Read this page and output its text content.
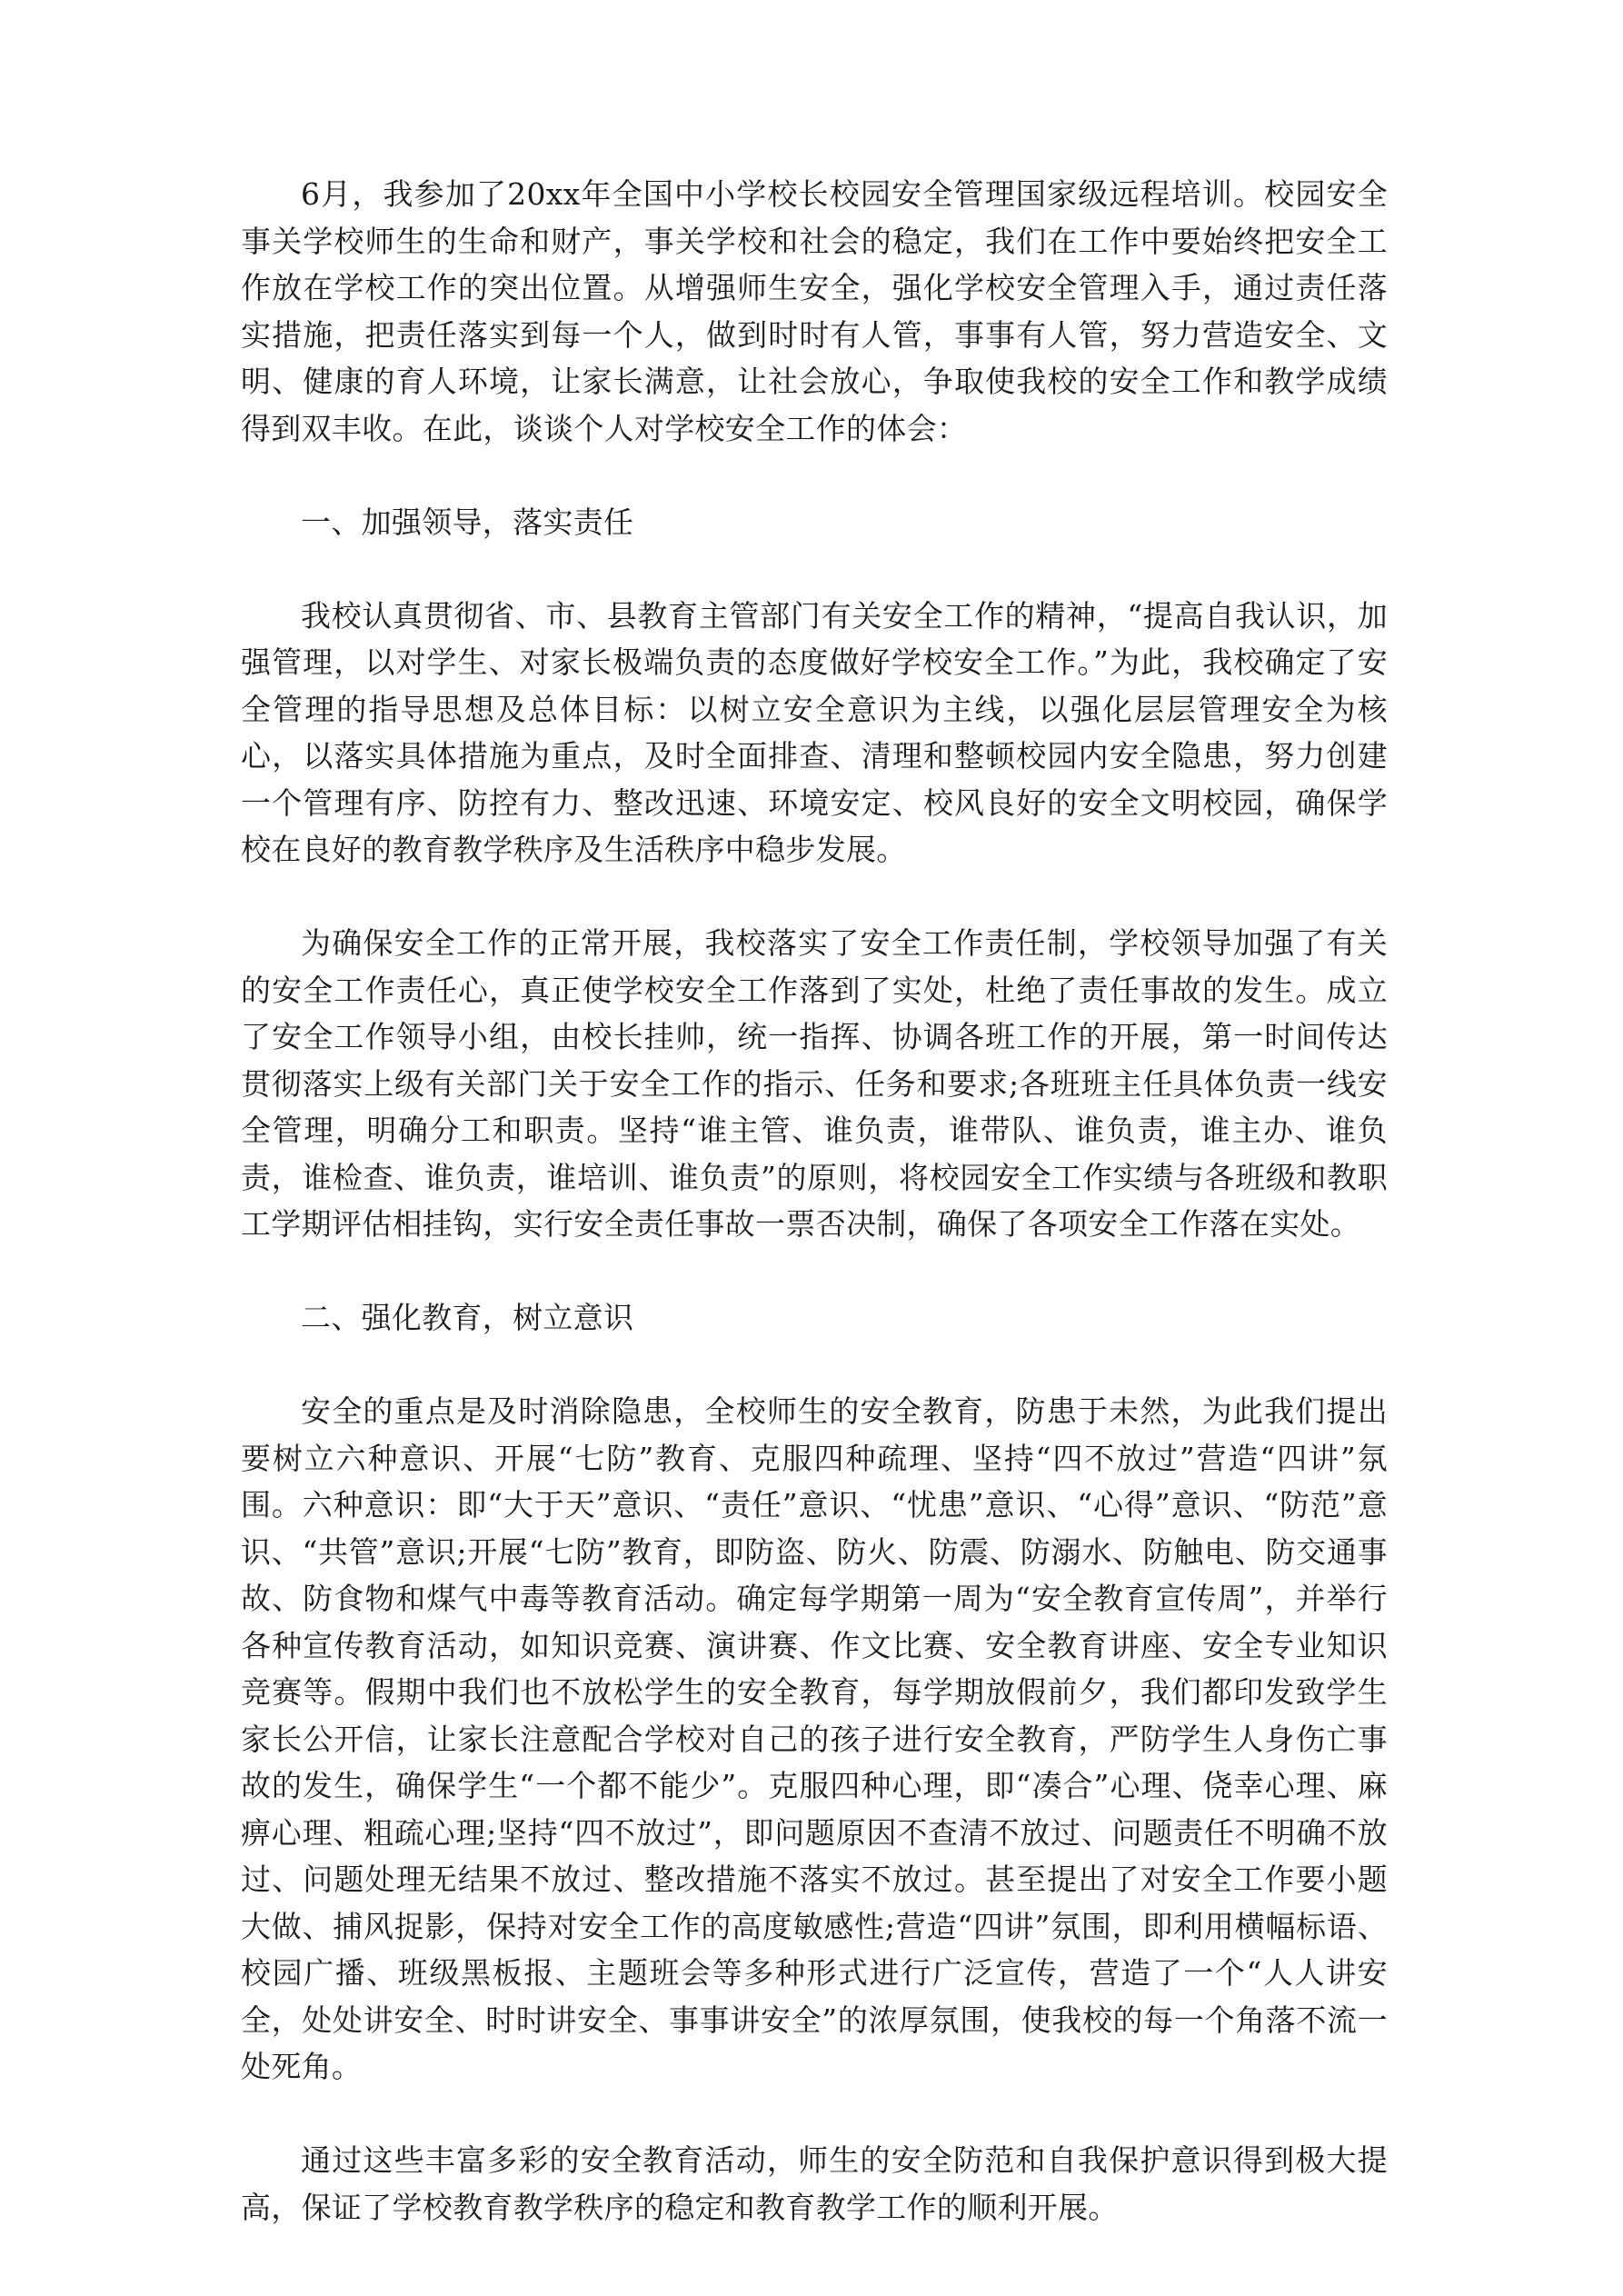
6月，我参加了20xx年全国中小学校长校园安全管理国家级远程培训。校园安全事关学校师生的生命和财产，事关学校和社会的稳定，我们在工作中要始终把安全工作放在学校工作的突出位置。从增强师生安全，强化学校安全管理入手，通过责任落实措施，把责任落实到每一个人，做到时时有人管，事事有人管，努力营造安全、文明、健康的育人环境，让家长满意，让社会放心，争取使我校的安全工作和教学成绩得到双丰收。在此，谈谈个人对学校安全工作的体会：

一、加强领导，落实责任

我校认真贯彻省、市、县教育主管部门有关安全工作的精神，“提高自我认识，加强管理，以对学生、对家长极端负责的态度做好学校安全工作。”为此，我校确定了安全管理的指导思想及总体目标：以树立安全意识为主线，以强化层层管理安全为核心，以落实具体措施为重点，及时全面排查、清理和整顿校园内安全隐患，努力创建一个管理有序、防控有力、整改迅速、环境安定、校风良好的安全文明校园，确保学校在良好的教育教学秩序及生活秩序中稳步发展。

为确保安全工作的正常开展，我校落实了安全工作责任制，学校领导加强了有关的安全工作责任心，真正使学校安全工作落到了实处，杜绝了责任事故的发生。成立了安全工作领导小组，由校长挂帅，统一指挥、协调各班工作的开展，第一时间传达贯彻落实上级有关部门关于安全工作的指示、任务和要求;各班班主任具体负责一线安全管理，明确分工和职责。坚持“谁主管、谁负责，谁带队、谁负责，谁主办、谁负责，谁检查、谁负责，谁培训、谁负责”的原则，将校园安全工作实绩与各班级和教职工学期评估相挂钩，实行安全责任事故一票否决制，确保了各项安全工作落在实处。

二、强化教育，树立意识

安全的重点是及时消除隐患，全校师生的安全教育，防患于未然，为此我们提出要树立六种意识、开展“七防”教育、克服四种疏理、坚持“四不放过”营造“四讲”氛围。六种意识：即“大于天”意识、“责任”意识、“忧患”意识、“心得”意识、“防范”意识、“共管”意识;开展“七防”教育，即防盗、防火、防震、防溺水、防触电、防交通事故、防食物和煤气中毒等教育活动。确定每学期第一周为“安全教育宣传周”，并举行各种宣传教育活动，如知识竞赛、演讲赛、作文比赛、安全教育讲座、安全专业知识竞赛等。假期中我们也不放松学生的安全教育，每学期放假前夕，我们都印发致学生家长公开信，让家长注意配合学校对自己的孩子进行安全教育，严防学生人身伤亡事故的发生，确保学生“一个都不能少”。克服四种心理，即“凑合”心理、侥幸心理、麻痹心理、粗疏心理;坚持“四不放过”，即问题原因不查清不放过、问题责任不明确不放过、问题处理无结果不放过、整改措施不落实不放过。甚至提出了对安全工作要小题大做、捕风捉影，保持对安全工作的高度敏感性;营造“四讲”氛围，即利用横幅标语、校园广播、班级黑板报、主题班会等多种形式进行广泛宣传，营造了一个“人人讲安全，处处讲安全、时时讲安全、事事讲安全”的浓厚氛围，使我校的每一个角落不流一处死角。

通过这些丰富多彩的安全教育活动，师生的安全防范和自我保护意识得到极大提高，保证了学校教育教学秩序的稳定和教育教学工作的顺利开展。
